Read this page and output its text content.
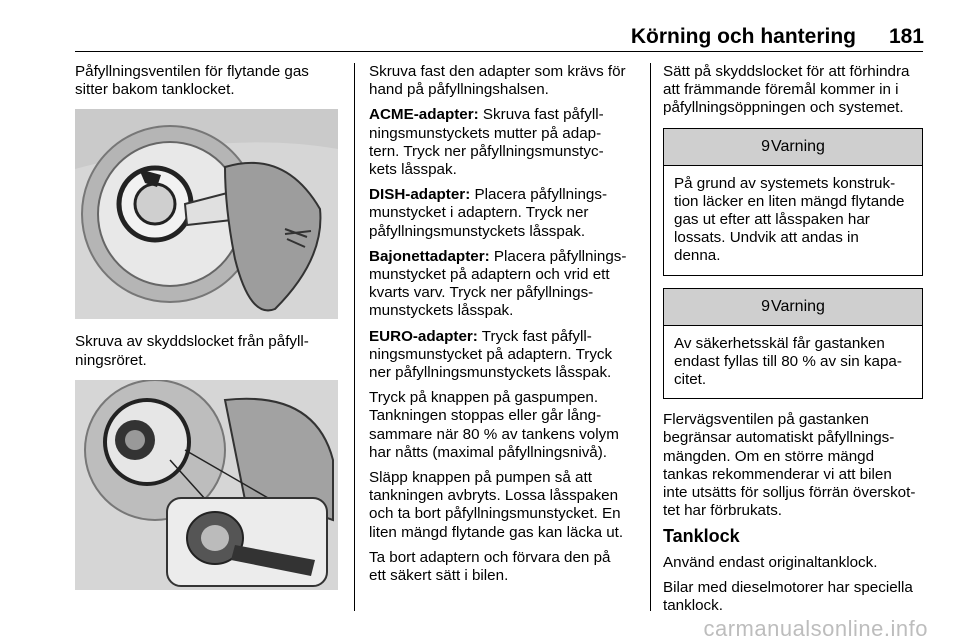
Körning och hantering	181

Påfyllningsventilen för flytande gas
sitter bakom tanklocket.

Skruva av skyddslocket från påfyll-
ningsröret.

Skruva fast den adapter som krävs för
hand på påfyllningshalsen.

ACME-adapter: Skruva fast påfyll-
ningsmunstyckets mutter på adap-
tern. Tryck ner påfyllningsmunstyc-
kets låsspak.

DISH-adapter: Placera påfyllnings-
munstycket i adaptern. Tryck ner
påfyllningsmunstyckets låsspak.

Bajonettadapter: Placera påfyllnings-
munstycket på adaptern och vrid ett
kvarts varv. Tryck ner påfyllnings-
munstyckets låsspak.

EURO-adapter: Tryck fast påfyll-
ningsmunstycket på adaptern. Tryck
ner påfyllningsmunstyckets låsspak.

Tryck på knappen på gaspumpen.
Tankningen stoppas eller går lång-
sammare när 80 % av tankens volym
har nåtts (maximal påfyllningsnivå).

Släpp knappen på pumpen så att
tankningen avbryts. Lossa låsspaken
och ta bort påfyllningsmunstycket. En
liten mängd flytande gas kan läcka ut.

Ta bort adaptern och förvara den på
ett säkert sätt i bilen.

Sätt på skyddslocket för att förhindra
att främmande föremål kommer in i
påfyllningsöppningen och systemet.

9Varning
På grund av systemets konstruk-
tion läcker en liten mängd flytande
gas ut efter att låsspaken har
lossats. Undvik att andas in
denna.
9Varning
Av säkerhetsskäl får gastanken
endast fyllas till 80 % av sin kapa-
citet.

Flervägsventilen på gastanken
begränsar automatiskt påfyllnings-
mängden. Om en större mängd
tankas rekommenderar vi att bilen
inte utsätts för solljus förrän överskot-
tet har förbrukats.

Tanklock

Använd endast originaltanklock.

Bilar med dieselmotorer har speciella
tanklock.

carmanualsonline.info
